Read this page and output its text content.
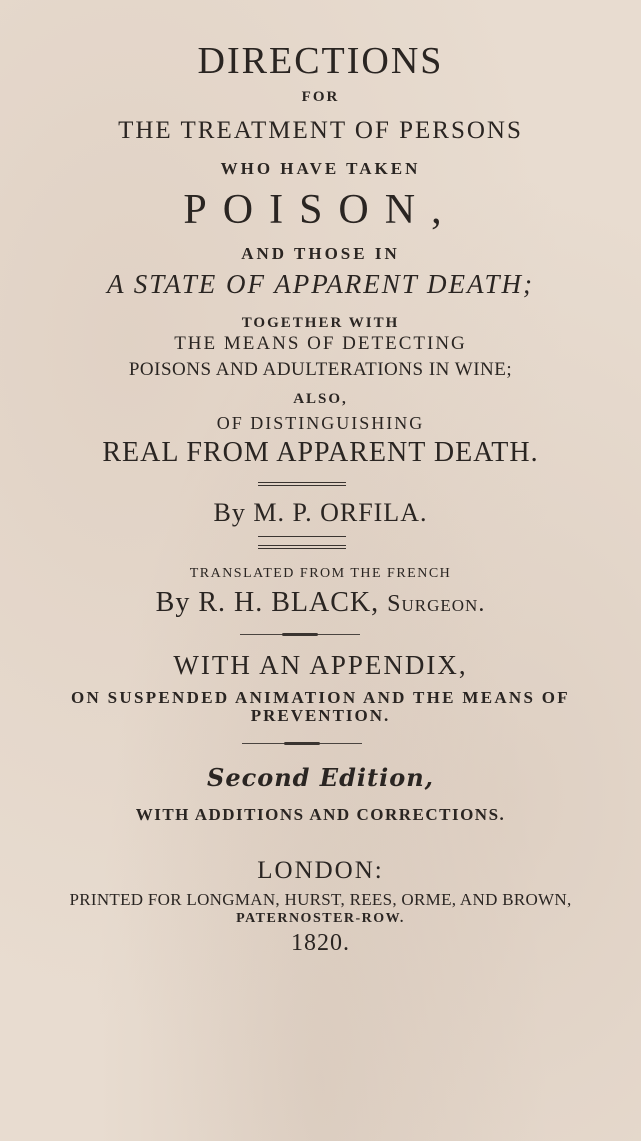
DIRECTIONS
FOR
THE TREATMENT OF PERSONS
WHO HAVE TAKEN
POISON,
AND THOSE IN
A STATE OF APPARENT DEATH;
TOGETHER WITH
THE MEANS OF DETECTING
POISONS AND ADULTERATIONS IN WINE;
ALSO,
OF DISTINGUISHING
REAL FROM APPARENT DEATH.
By M. P. ORFILA.
TRANSLATED FROM THE FRENCH
By R. H. BLACK, Surgeon.
WITH AN APPENDIX,
ON SUSPENDED ANIMATION AND THE MEANS OF
PREVENTION.
Second Edition,
WITH ADDITIONS AND CORRECTIONS.
LONDON:
PRINTED FOR LONGMAN, HURST, REES, ORME, AND BROWN,
PATERNOSTER-ROW.
1820.
